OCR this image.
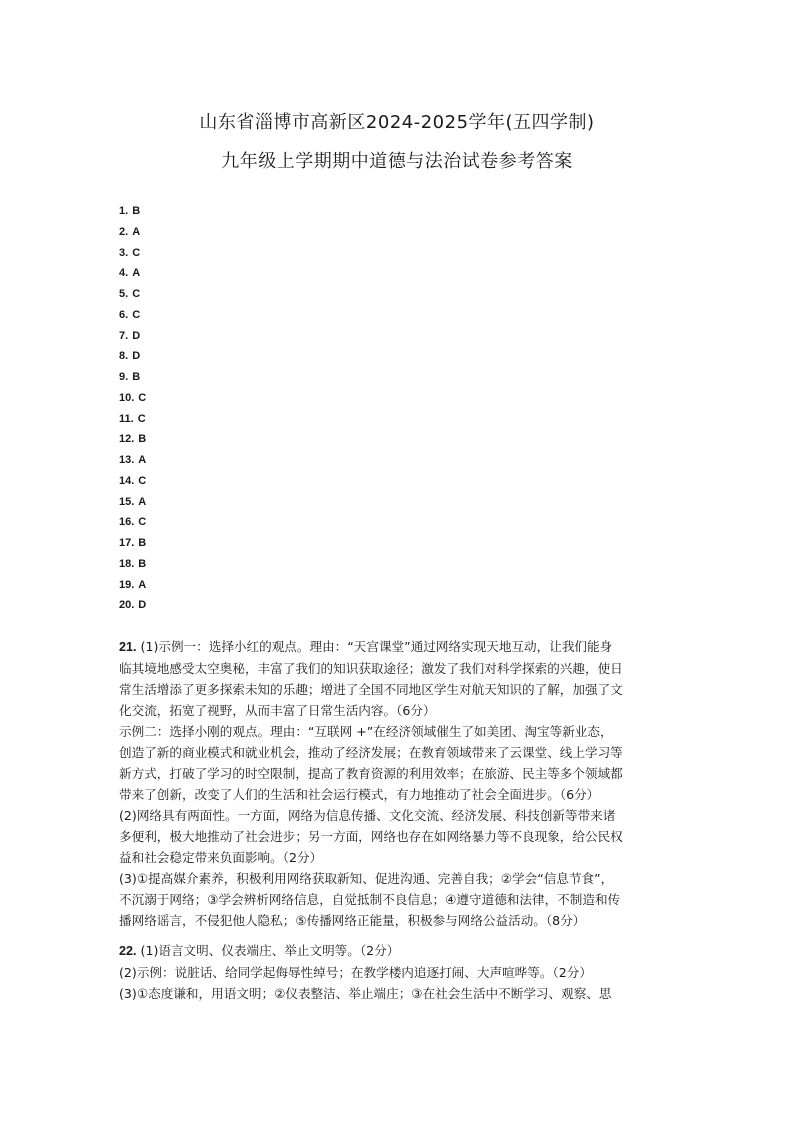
山东省淄博市高新区2024-2025学年(五四学制)
九年级上学期期中道德与法治试卷参考答案
1. B
2. A
3. C
4. A
5. C
6. C
7. D
8. D
9. B
10. C
11. C
12. B
13. A
14. C
15. A
16. C
17. B
18. B
19. A
20. D

21. (1)示例一：选择小红的观点。理由：“天宫课堂”通过网络实现天地互动，让我们能身

临其境地感受太空奥秘，丰富了我们的知识获取途径；激发了我们对科学探索的兴趣，使日

常生活增添了更多探索未知的乐趣；增进了全国不同地区学生对航天知识的了解，加强了文

化交流，拓宽了视野，从而丰富了日常生活内容。（6分）

示例二：选择小刚的观点。理由：“互联网 +”在经济领域催生了如美团、淘宝等新业态，

创造了新的商业模式和就业机会，推动了经济发展；在教育领域带来了云课堂、线上学习等

新方式，打破了学习的时空限制，提高了教育资源的利用效率；在旅游、民主等多个领域都

带来了创新，改变了人们的生活和社会运行模式，有力地推动了社会全面进步。（6分）

(2)网络具有两面性。一方面，网络为信息传播、文化交流、经济发展、科技创新等带来诸

多便利，极大地推动了社会进步；另一方面，网络也存在如网络暴力等不良现象，给公民权

益和社会稳定带来负面影响。（2分）

(3)①提高媒介素养，积极利用网络获取新知、促进沟通、完善自我；②学会“信息节食”，

不沉溺于网络；③学会辨析网络信息，自觉抵制不良信息；④遵守道德和法律，不制造和传

播网络谣言，不侵犯他人隐私；⑤传播网络正能量，积极参与网络公益活动。（8分）

22. (1)语言文明、仪表端庄、举止文明等。（2分）

(2)示例：说脏话、给同学起侮辱性绰号；在教学楼内追逐打闹、大声喧哗等。（2分）

(3)①态度谦和，用语文明；②仪表整洁、举止端庄；③在社会生活中不断学习、观察、思
